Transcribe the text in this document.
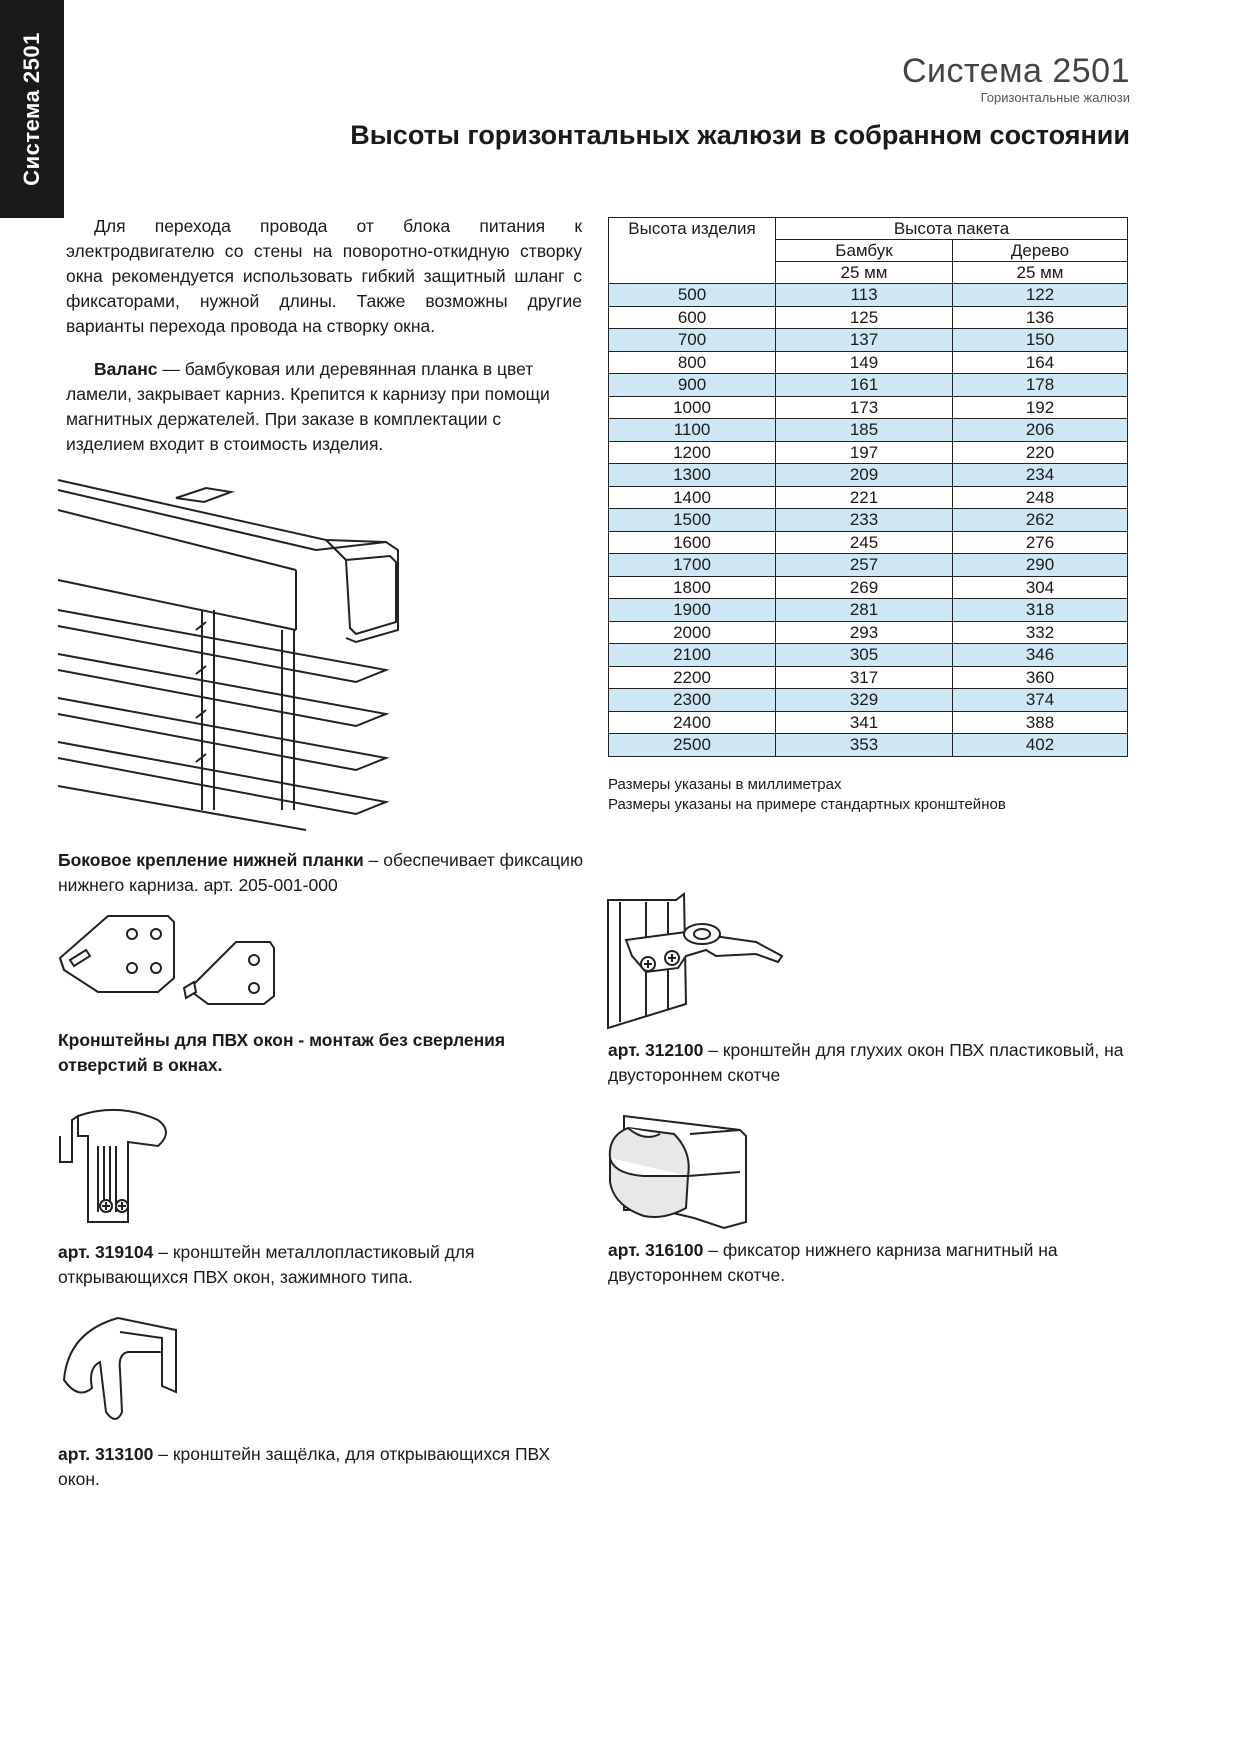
Система 2501	Система 2501
Горизонтальные жалюзи
Высоты горизонтальных жалюзи в собранном состоянии
Для перехода провода от блока питания к электродвигателю со стены на поворотно-откидную створку окна рекомендуется использовать гибкий защитный шланг с фиксаторами, нужной длины. Также возможны другие варианты перехода провода на створку окна.
Валанс — бамбуковая или деревянная планка в цвет ламели, закрывает карниз. Крепится к карнизу при помощи магнитных держателей. При заказе в комплектации с изделием входит в стоимость изделия.
Боковое крепление нижней планки – обеспечивает фиксацию нижнего карниза. арт. 205-001-000
Кронштейны для ПВХ окон - монтаж без сверления отверстий в окнах.
арт. 319104 – кронштейн металлопластиковый для открывающихся ПВХ окон, зажимного типа.
арт. 313100 – кронштейн защёлка, для открывающихся ПВХ окон.
Высота изделия	Высота пакета	
	Бамбук	Дерево
	25 мм	25 мм
500	113	122
600	125	136
700	137	150
800	149	164
900	161	178
1000	173	192
1100	185	206
1200	197	220
1300	209	234
1400	221	248
1500	233	262
1600	245	276
1700	257	290
1800	269	304
1900	281	318
2000	293	332
2100	305	346
2200	317	360
2300	329	374
2400	341	388
2500	353	402
Размеры указаны в миллиметрах
Размеры указаны на примере стандартных кронштейнов
арт. 312100 – кронштейн для глухих окон ПВХ пластиковый, на двустороннем скотче
арт. 316100 – фиксатор нижнего карниза магнитный на двустороннем скотче.
